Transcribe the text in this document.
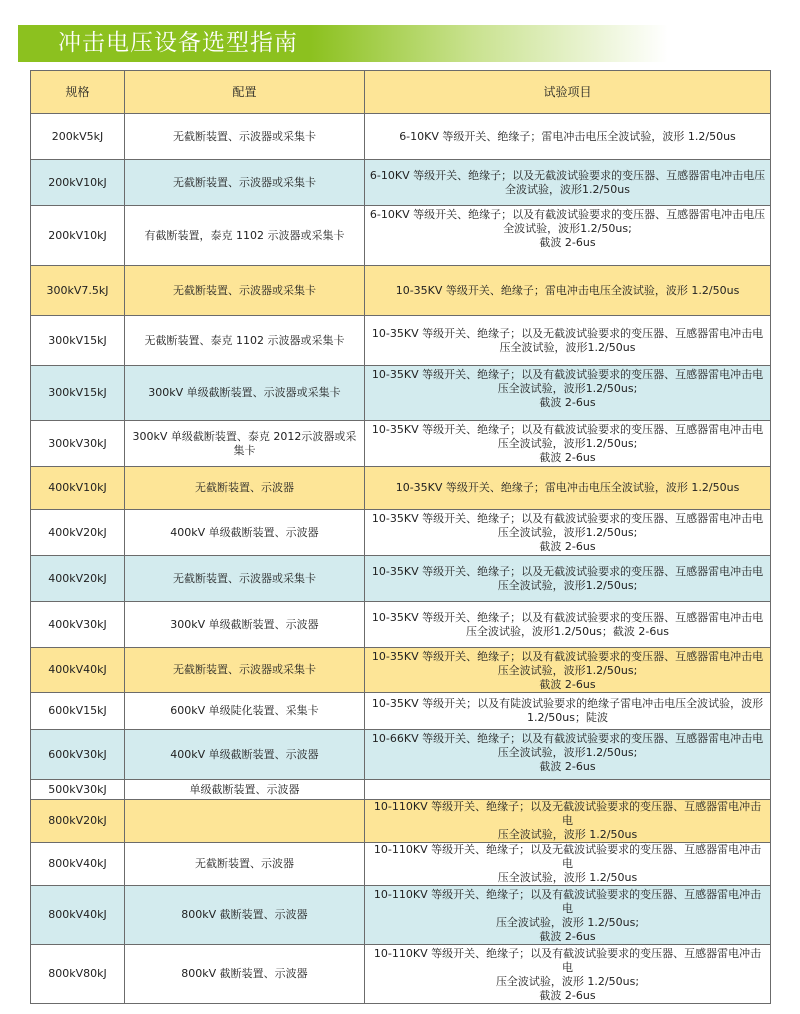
冲击电压设备选型指南
规格	配置	试验项目
200kV5kJ	无截断装置、示波器或采集卡	6-10KV 等级开关、绝缘子；雷电冲击电压全波试验，波形 1.2/50us

200kV10kJ	无截断装置、示波器或采集卡	6-10KV 等级开关、绝缘子；以及无截波试验要求的变压器、互感器雷电冲击电压
全波试验，波形1.2/50us

200kV10kJ	有截断装置，泰克 1102 示波器或采集卡	6-10KV 等级开关、绝缘子；以及有截波试验要求的变压器、互感器雷电冲击电压
全波试验，波形1.2/50us;
截波 2-6us

300kV7.5kJ	无截断装置、示波器或采集卡	10-35KV 等级开关、绝缘子；雷电冲击电压全波试验，波形 1.2/50us

300kV15kJ	无截断装置、泰克 1102 示波器或采集卡	10-35KV 等级开关、绝缘子；以及无截波试验要求的变压器、互感器雷电冲击电
压全波试验，波形1.2/50us

300kV15kJ	300kV 单级截断装置、示波器或采集卡	10-35KV 等级开关、绝缘子；以及有截波试验要求的变压器、互感器雷电冲击电
压全波试验，波形1.2/50us;
截波 2-6us

300kV30kJ	300kV 单级截断装置、泰克 2012示波器或采集卡	10-35KV 等级开关、绝缘子；以及有截波试验要求的变压器、互感器雷电冲击电
压全波试验，波形1.2/50us;
截波 2-6us

400kV10kJ	无截断装置、示波器	10-35KV 等级开关、绝缘子；雷电冲击电压全波试验，波形 1.2/50us

400kV20kJ	400kV 单级截断装置、示波器	10-35KV 等级开关、绝缘子；以及有截波试验要求的变压器、互感器雷电冲击电
压全波试验，波形1.2/50us;
截波 2-6us

400kV20kJ	无截断装置、示波器或采集卡	10-35KV 等级开关、绝缘子；以及无截波试验要求的变压器、互感器雷电冲击电
压全波试验，波形1.2/50us;

400kV30kJ	300kV 单级截断装置、示波器	10-35KV 等级开关、绝缘子；以及有截波试验要求的变压器、互感器雷电冲击电
压全波试验，波形1.2/50us；截波 2-6us

400kV40kJ	无截断装置、示波器或采集卡	10-35KV 等级开关、绝缘子；以及有截波试验要求的变压器、互感器雷电冲击电
压全波试验，波形1.2/50us;
截波 2-6us

600kV15kJ	600kV 单级陡化装置、采集卡	10-35KV 等级开关；以及有陡波试验要求的绝缘子雷电冲击电压全波试验，波形
1.2/50us；陡波

600kV30kJ	400kV 单级截断装置、示波器	10-66KV 等级开关、绝缘子；以及有截波试验要求的变压器、互感器雷电冲击电
压全波试验，波形1.2/50us;
截波 2-6us

500kV30kJ	单级截断装置、示波器	
800kV20kJ		10-110KV 等级开关、绝缘子；以及无截波试验要求的变压器、互感器雷电冲击电
压全波试验，波形 1.2/50us

800kV40kJ	无截断装置、示波器	10-110KV 等级开关、绝缘子；以及无截波试验要求的变压器、互感器雷电冲击电
压全波试验，波形 1.2/50us

800kV40kJ	800kV 截断装置、示波器	10-110KV 等级开关、绝缘子；以及有截波试验要求的变压器、互感器雷电冲击电
压全波试验，波形 1.2/50us;
截波 2-6us

800kV80kJ	800kV 截断装置、示波器	10-110KV 等级开关、绝缘子；以及有截波试验要求的变压器、互感器雷电冲击电
压全波试验，波形 1.2/50us;
截波 2-6us
